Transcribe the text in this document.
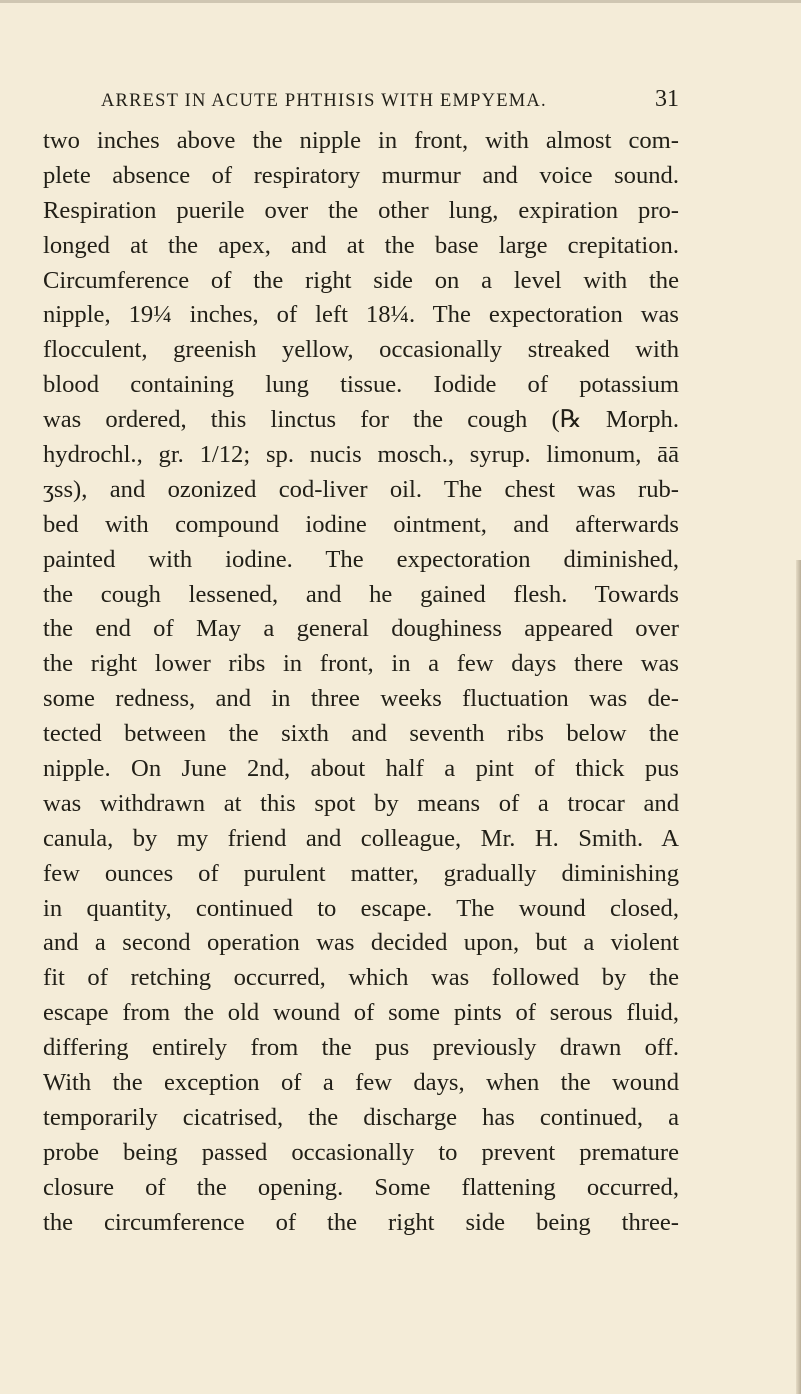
ARREST IN ACUTE PHTHISIS WITH EMPYEMA.	31
two inches above the nipple in front, with almost com-
plete absence of respiratory murmur and voice sound.
Respiration puerile over the other lung, expiration pro-
longed at the apex, and at the base large crepitation.
Circumference of the right side on a level with the
nipple, 19¼ inches, of left 18¼. The expectoration was
flocculent, greenish yellow, occasionally streaked with
blood containing lung tissue. Iodide of potassium
was ordered, this linctus for the cough (℞ Morph.
hydrochl., gr. 1/12; sp. nucis mosch., syrup. limonum, āā
ʒss), and ozonized cod-liver oil. The chest was rub-
bed with compound iodine ointment, and afterwards
painted with iodine. The expectoration diminished,
the cough lessened, and he gained flesh. Towards
the end of May a general doughiness appeared over
the right lower ribs in front, in a few days there was
some redness, and in three weeks fluctuation was de-
tected between the sixth and seventh ribs below the
nipple. On June 2nd, about half a pint of thick pus
was withdrawn at this spot by means of a trocar and
canula, by my friend and colleague, Mr. H. Smith. A
few ounces of purulent matter, gradually diminishing
in quantity, continued to escape. The wound closed,
and a second operation was decided upon, but a violent
fit of retching occurred, which was followed by the
escape from the old wound of some pints of serous fluid,
differing entirely from the pus previously drawn off.
With the exception of a few days, when the wound
temporarily cicatrised, the discharge has continued, a
probe being passed occasionally to prevent premature
closure of the opening. Some flattening occurred,
the circumference of the right side being three-
